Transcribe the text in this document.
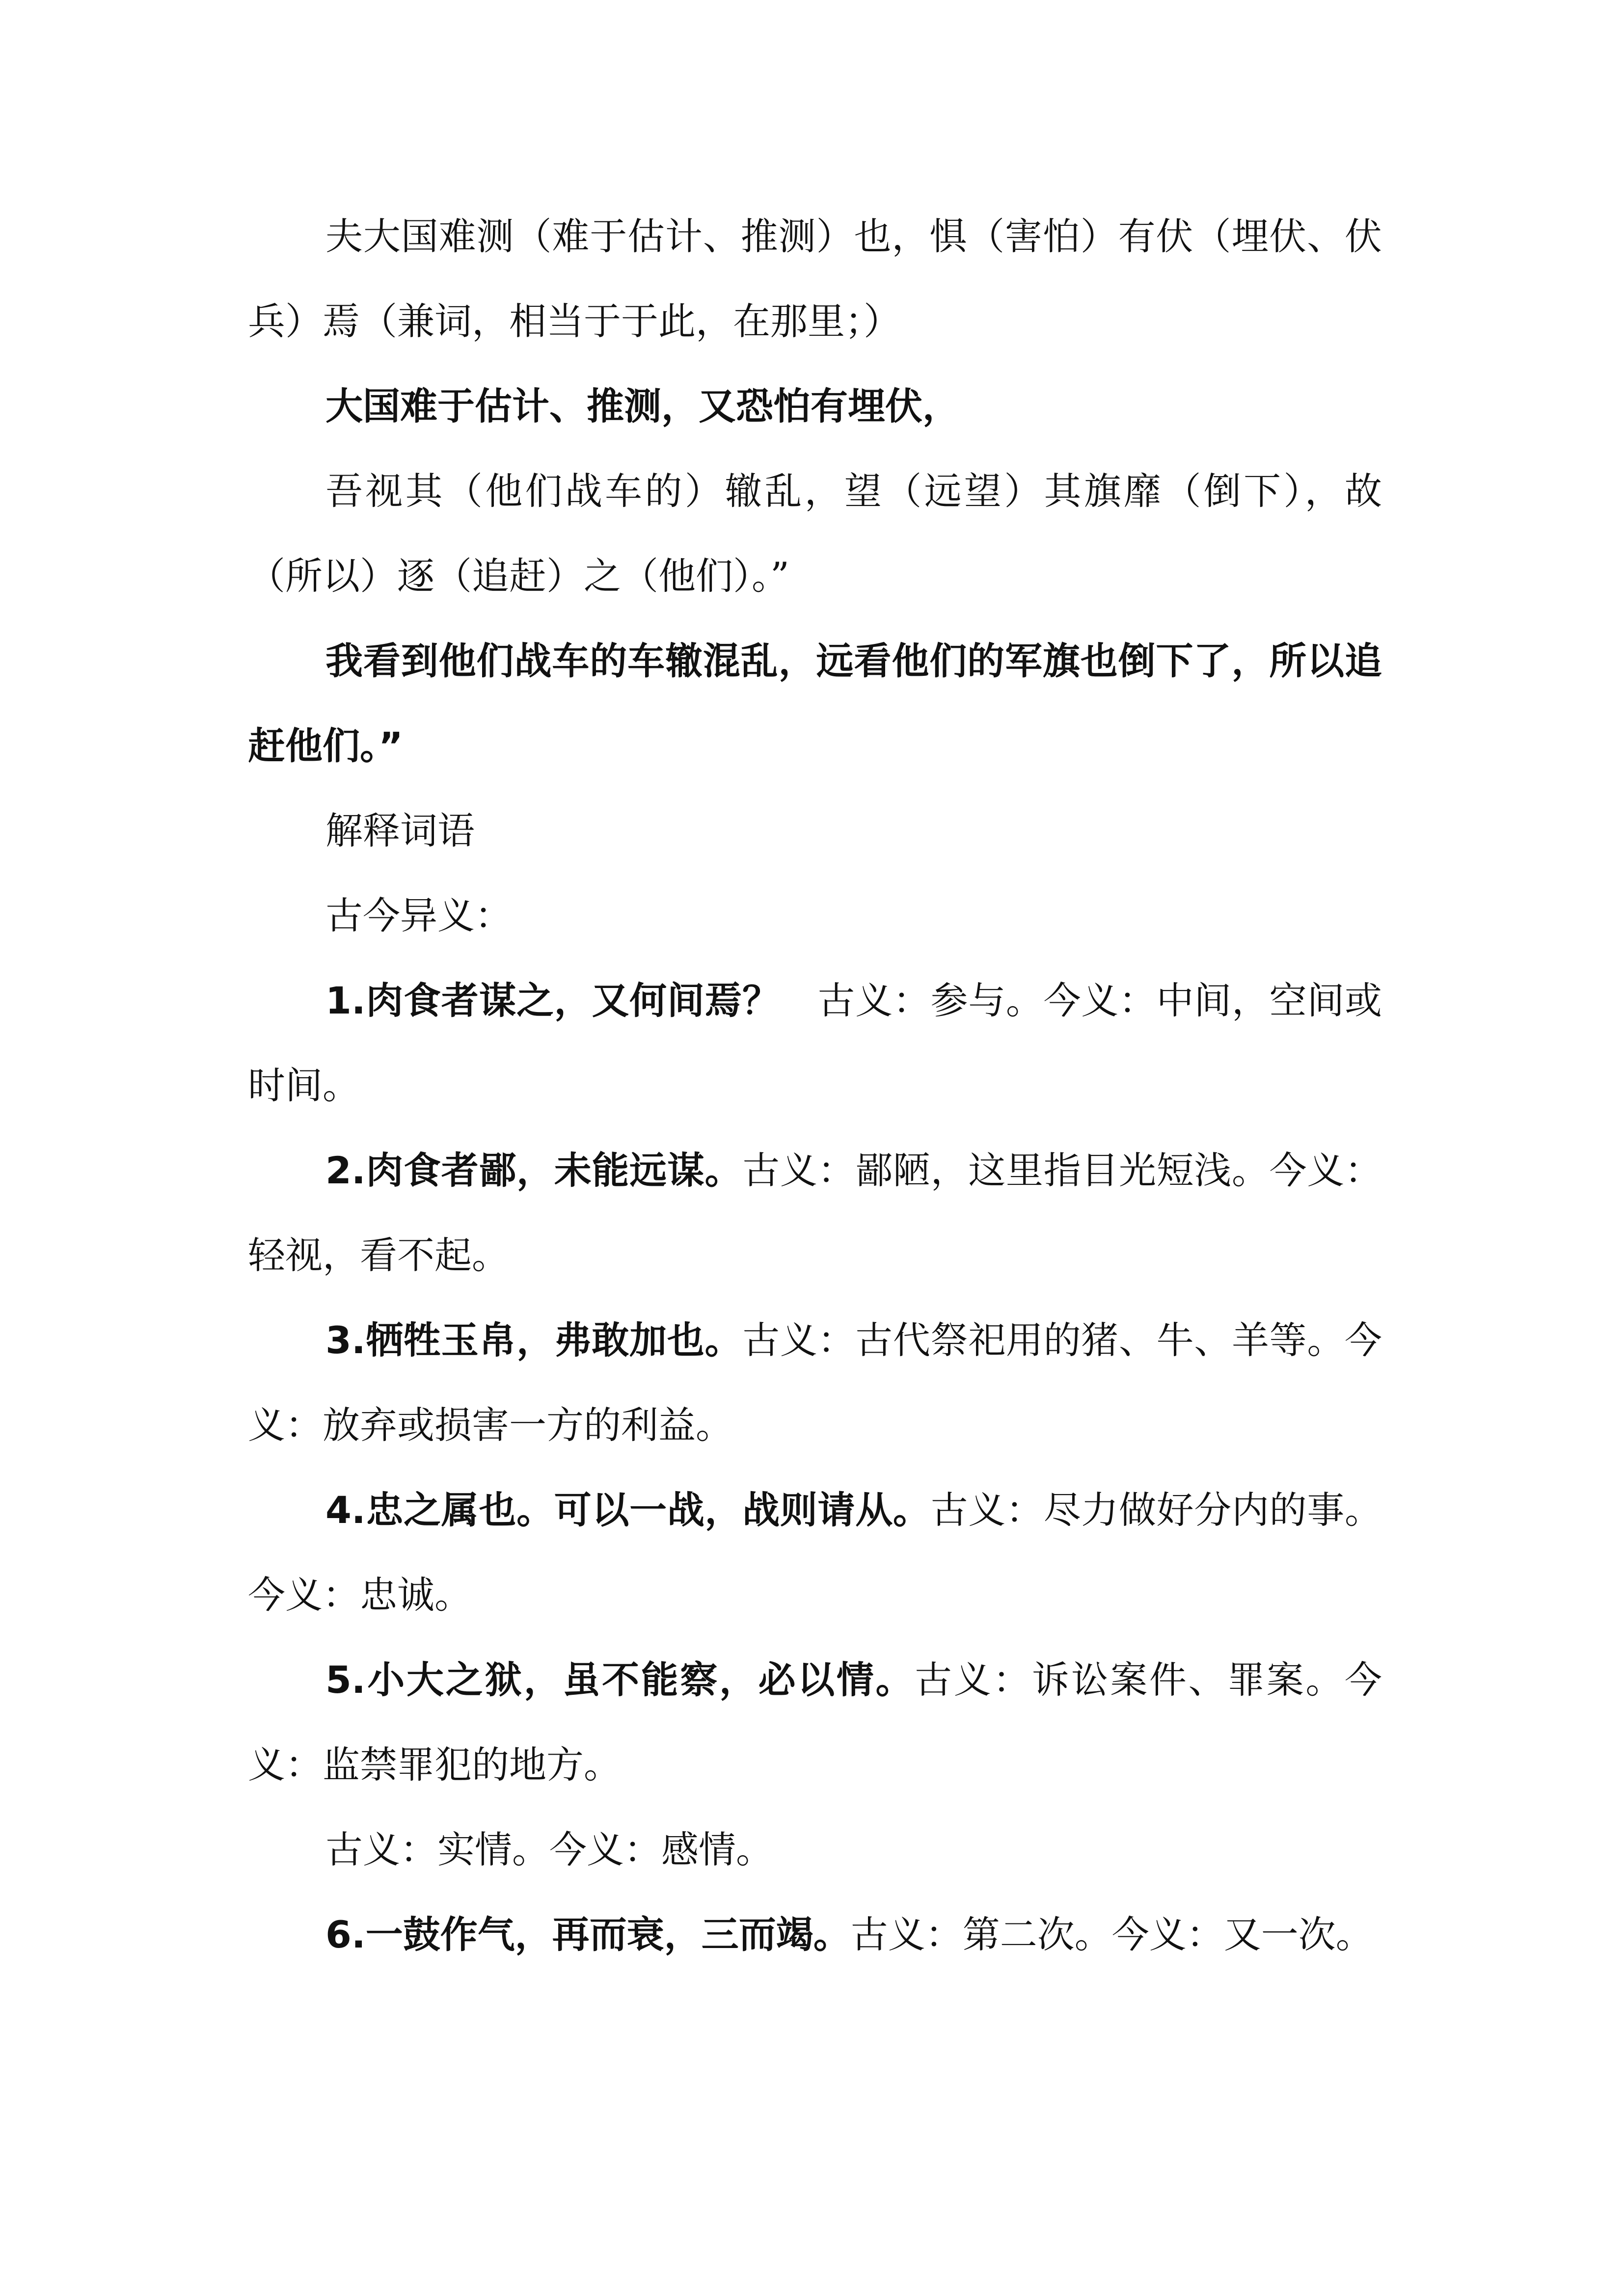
夫大国难测（难于估计、推测）也，惧（害怕）有伏（埋伏、伏兵）焉（兼词，相当于于此，在那里；）

大国难于估计、推测，又恐怕有埋伏，

吾视其（他们战车的）辙乱，望（远望）其旗靡（倒下），故（所以）逐（追赶）之（他们）。”

我看到他们战车的车辙混乱，远看他们的军旗也倒下了，所以追赶他们。”

解释词语

古今异义：

1.肉食者谋之，又何间焉？　古义：参与。今义：中间，空间或时间。

2.肉食者鄙，未能远谋。古义：鄙陋，这里指目光短浅。今义：轻视，看不起。

3.牺牲玉帛，弗敢加也。古义：古代祭祀用的猪、牛、羊等。今义：放弃或损害一方的利益。

4.忠之属也。可以一战，战则请从。古义：尽力做好分内的事。今义：忠诚。

5.小大之狱，虽不能察，必以情。古义：诉讼案件、罪案。今义：监禁罪犯的地方。

古义：实情。今义：感情。

6.一鼓作气，再而衰，三而竭。古义：第二次。今义：又一次。
